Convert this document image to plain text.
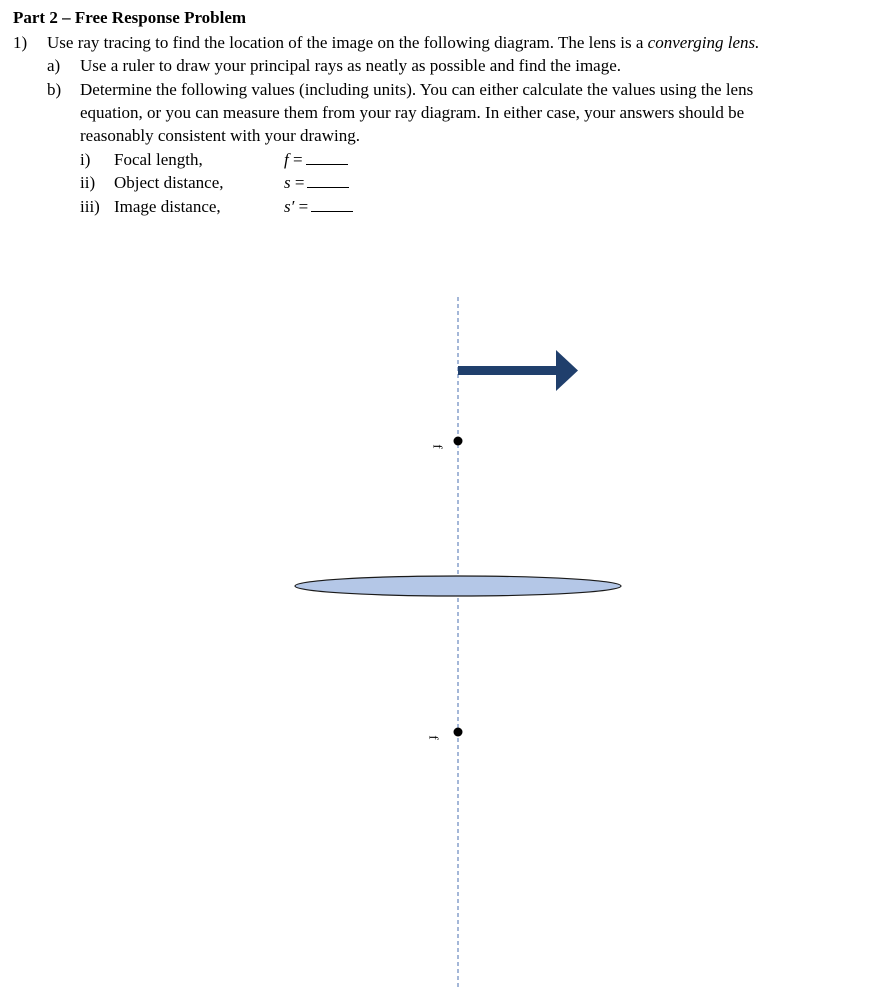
Part 2 – Free Response Problem
1) Use ray tracing to find the location of the image on the following diagram. The lens is a converging lens.
a) Use a ruler to draw your principal rays as neatly as possible and find the image.
b) Determine the following values (including units). You can either calculate the values using the lens
equation, or you can measure them from your ray diagram. In either case, your answers should be
reasonably consistent with your drawing.
i) Focal length,	f =
ii) Object distance,	s =
iii) Image distance,	s′ =
f
f
